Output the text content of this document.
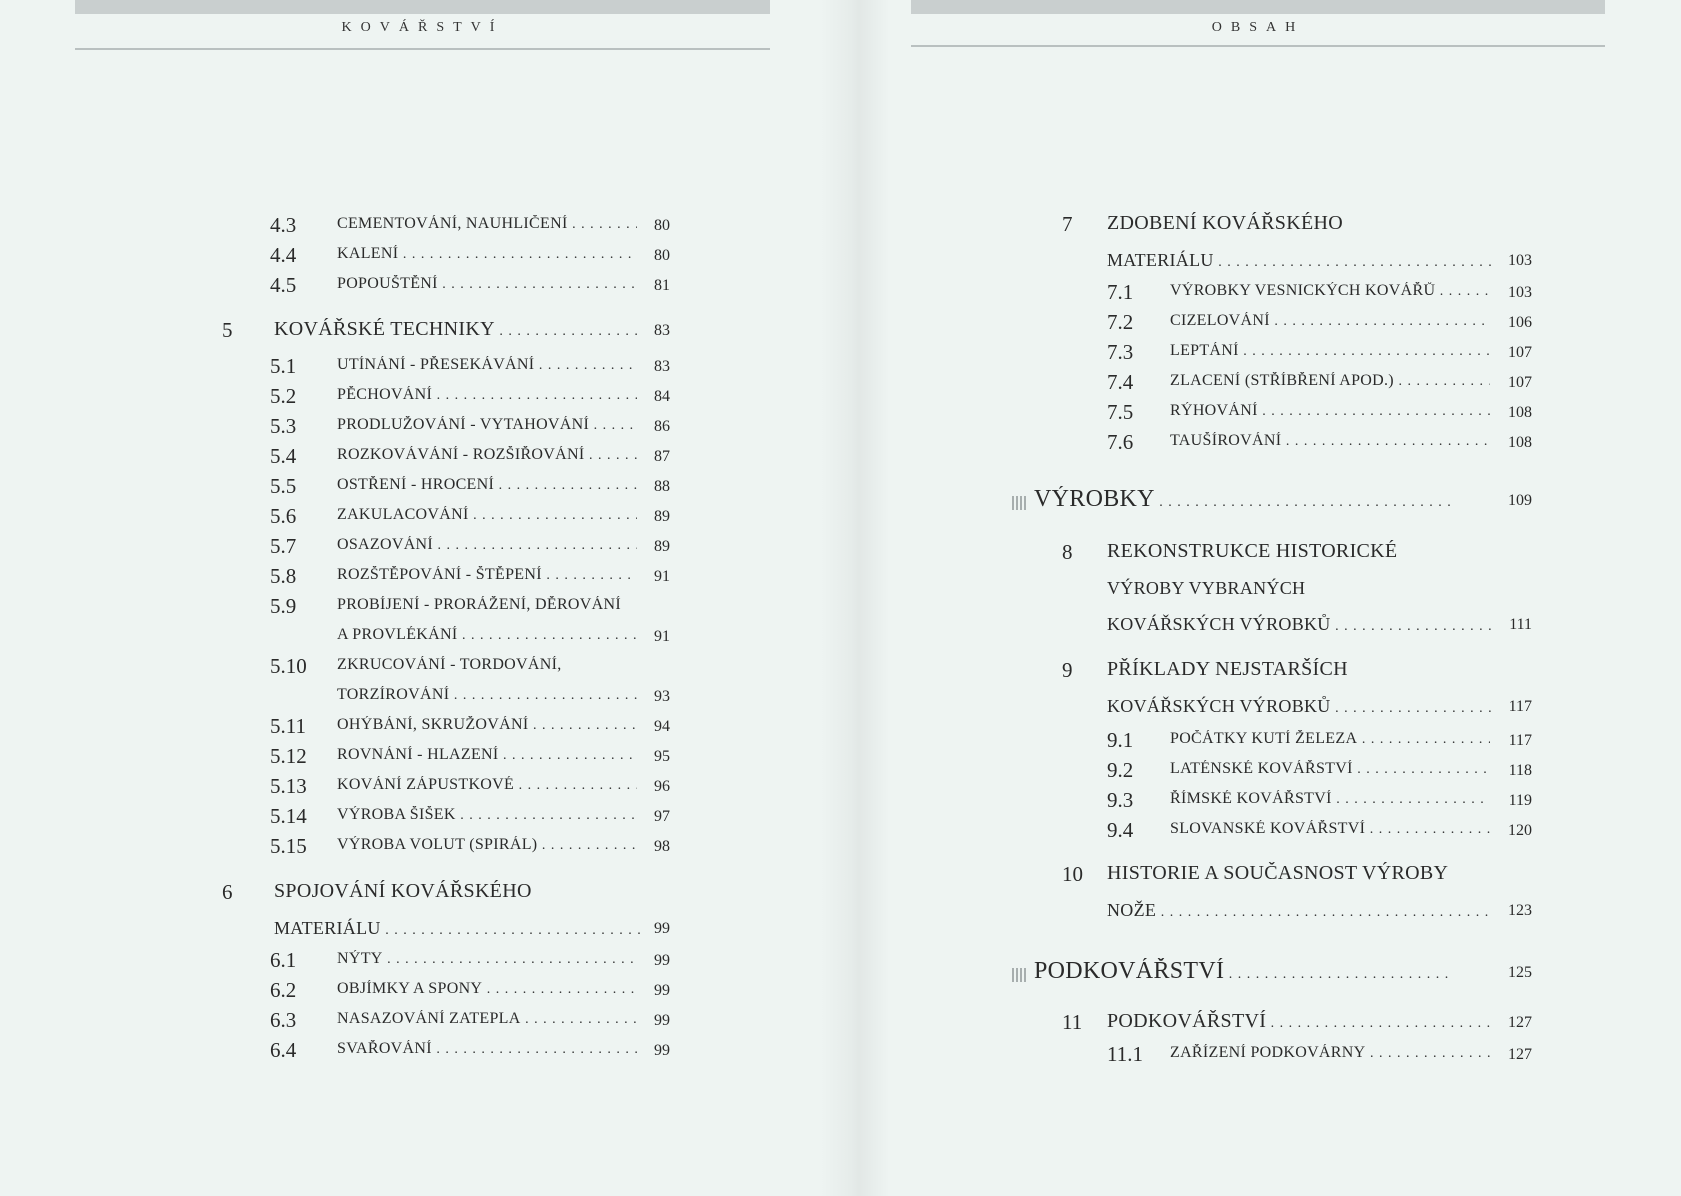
KOVÁŘSTVÍ
4.3	CEMENTOVÁNÍ, NAUHLIČENÍ . . .	80
4.4	KALENÍ . . .	80
4.5	POPOUŠTĚNÍ . . .	81
5 KOVÁŘSKÉ TECHNIKY . . .	83
5.1	UTÍNÁNÍ - PŘESEKÁVÁNÍ . . .	83
5.2	PĚCHOVÁNÍ . . .	84
5.3	PRODLUŽOVÁNÍ - VYTAHOVÁNÍ . . .	86
5.4	ROZKOVÁVÁNÍ - ROZŠIŘOVÁNÍ . . .	87
5.5	OSTŘENÍ - HROCENÍ . . .	88
5.6	ZAKULACOVÁNÍ . . .	89
5.7	OSAZOVÁNÍ . . .	89
5.8	ROZŠTĚPOVÁNÍ - ŠTĚPENÍ . . .	91
5.9	PROBÍJENÍ - PRORÁŽENÍ, DĚROVÁNÍ
A PROVLÉKÁNÍ . . .	91
5.10 ZKRUCOVÁNÍ - TORDOVÁNÍ,
TORZÍROVÁNÍ . . .	93
5.11 OHÝBÁNÍ, SKRUŽOVÁNÍ . . .	94
5.12 ROVNÁNÍ - HLAZENÍ . . .	95
5.13 KOVÁNÍ ZÁPUSTKOVÉ . . .	96
5.14 VÝROBA ŠIŠEK . . .	97
5.15 VÝROBA VOLUT (SPIRÁL) . . .	98
6 SPOJOVÁNÍ KOVÁŘSKÉHO
MATERIÁLU . . .	99
6.1	NÝTY . . .	99
6.2	OBJÍMKY A SPONY . . .	99
6.3	NASAZOVÁNÍ ZATEPLA . . .	99
6.4	SVAŘOVÁNÍ . . .	99
OBSAH
7 ZDOBENÍ KOVÁŘSKÉHO
MATERIÁLU . . .	103
7.1 VÝROBKY VESNICKÝCH KOVÁŘŮ . . .	103
7.2 CIZELOVÁNÍ . . .	106
7.3 LEPTÁNÍ . . .	107
7.4 ZLACENÍ (STŘÍBŘENÍ APOD.) . . .	107
7.5 RÝHOVÁNÍ . . .	108
7.6 TAUŠÍROVÁNÍ . . .	108
VÝROBKY . . .	109
8 REKONSTRUKCE HISTORICKÉ
VÝROBY VYBRANÝCH
KOVÁŘSKÝCH VÝROBKŮ . . .	111
9 PŘÍKLADY NEJSTARŠÍCH
KOVÁŘSKÝCH VÝROBKŮ . . .	117
9.1 POČÁTKY KUTÍ ŽELEZA . . .	117
9.2 LATÉNSKÉ KOVÁŘSTVÍ . . .	118
9.3 ŘÍMSKÉ KOVÁŘSTVÍ . . .	119
9.4 SLOVANSKÉ KOVÁŘSTVÍ . . .	120
10 HISTORIE A SOUČASNOST VÝROBY
NOŽE . . .	123
PODKOVÁŘSTVÍ . . .	125
11 PODKOVÁŘSTVÍ . . .	127
11.1 ZAŘÍZENÍ PODKOVÁRNY . . .	127
